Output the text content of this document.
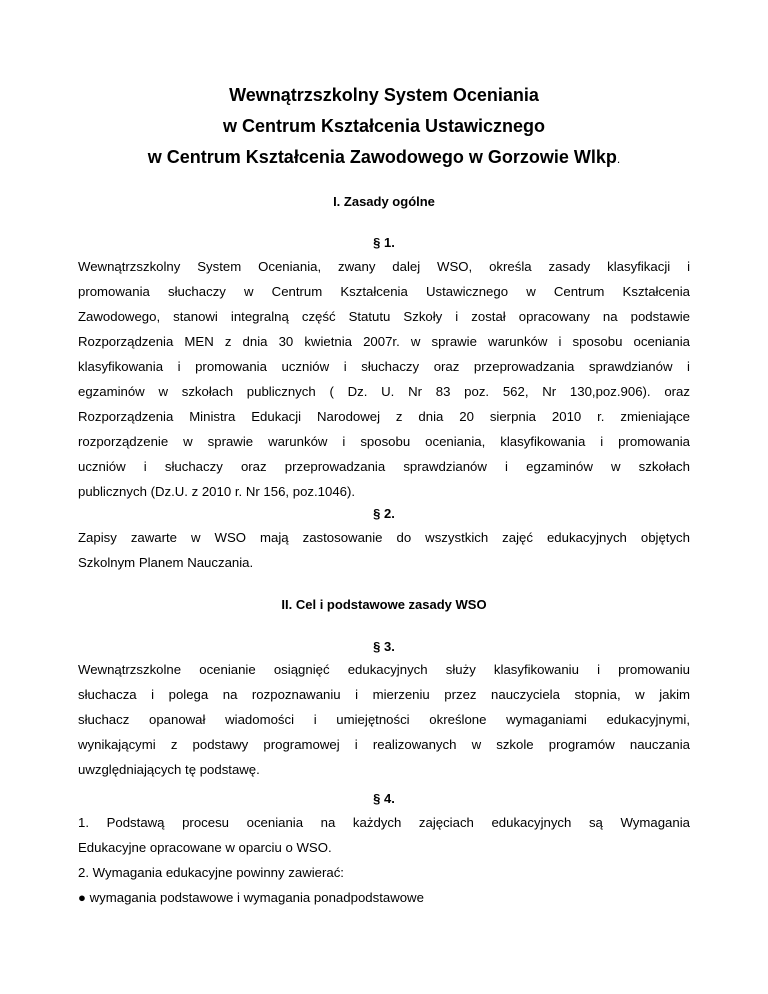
Wewnątrzszkolny System Oceniania
w Centrum Kształcenia Ustawicznego
w Centrum Kształcenia Zawodowego w Gorzowie Wlkp.
I. Zasady ogólne
§ 1.
Wewnątrzszkolny System Oceniania, zwany dalej WSO, określa zasady klasyfikacji i
promowania słuchaczy w Centrum Kształcenia Ustawicznego w Centrum Kształcenia
Zawodowego, stanowi integralną część Statutu Szkoły i został opracowany na podstawie
Rozporządzenia MEN z dnia 30 kwietnia 2007r. w sprawie warunków i sposobu oceniania
klasyfikowania i promowania uczniów i słuchaczy oraz przeprowadzania sprawdzianów i
egzaminów w szkołach publicznych ( Dz. U. Nr 83 poz. 562, Nr 130,poz.906). oraz
Rozporządzenia Ministra Edukacji Narodowej z dnia 20 sierpnia 2010 r. zmieniające
rozporządzenie w sprawie warunków i sposobu oceniania, klasyfikowania i promowania
uczniów i słuchaczy oraz przeprowadzania sprawdzianów i egzaminów w szkołach
publicznych (Dz.U. z 2010 r. Nr 156, poz.1046).
§ 2.
Zapisy zawarte w WSO mają zastosowanie do wszystkich zajęć edukacyjnych objętych
Szkolnym Planem Nauczania.
II. Cel i podstawowe zasady WSO
§ 3.
Wewnątrzszkolne ocenianie osiągnięć edukacyjnych służy klasyfikowaniu i promowaniu
słuchacza i polega na rozpoznawaniu i mierzeniu przez nauczyciela stopnia, w jakim
słuchacz opanował wiadomości i umiejętności określone wymaganiami edukacyjnymi,
wynikającymi z podstawy programowej i realizowanych w szkole programów nauczania
uwzględniających tę podstawę.
§ 4.
1. Podstawą procesu oceniania na każdych zajęciach edukacyjnych są Wymagania
Edukacyjne opracowane w oparciu o WSO.

2. Wymagania edukacyjne powinny zawierać:

● wymagania podstawowe i wymagania ponadpodstawowe
